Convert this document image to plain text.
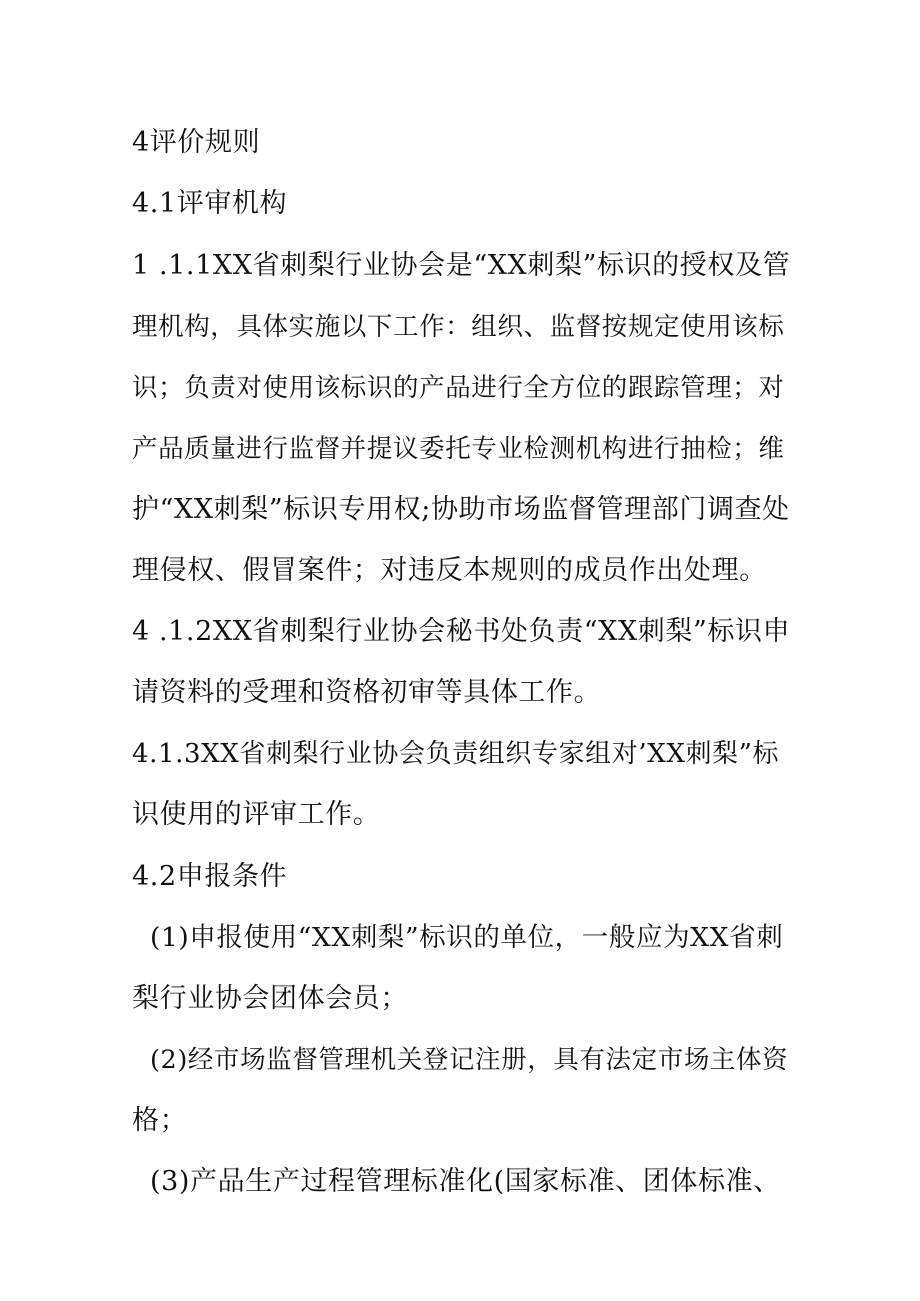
4评价规则
4.1评审机构
1 .1.1XX省刺梨行业协会是“XX刺梨”标识的授权及管
理机构，具体实施以下工作：组织、监督按规定使用该标
识；负责对使用该标识的产品进行全方位的跟踪管理；对
产品质量进行监督并提议委托专业检测机构进行抽检；维
护“XX刺梨”标识专用权;协助市场监督管理部门调查处
理侵权、假冒案件；对违反本规则的成员作出处理。
4 .1.2XX省刺梨行业协会秘书处负责“XX刺梨”标识申
请资料的受理和资格初审等具体工作。
4.1.3XX省刺梨行业协会负责组织专家组对’XX刺梨”标
识使用的评审工作。
4.2申报条件
(1)申报使用“XX刺梨”标识的单位，一般应为XX省刺
梨行业协会团体会员；
(2)经市场监督管理机关登记注册，具有法定市场主体资
格；
(3)产品生产过程管理标准化(国家标准、团体标准、
